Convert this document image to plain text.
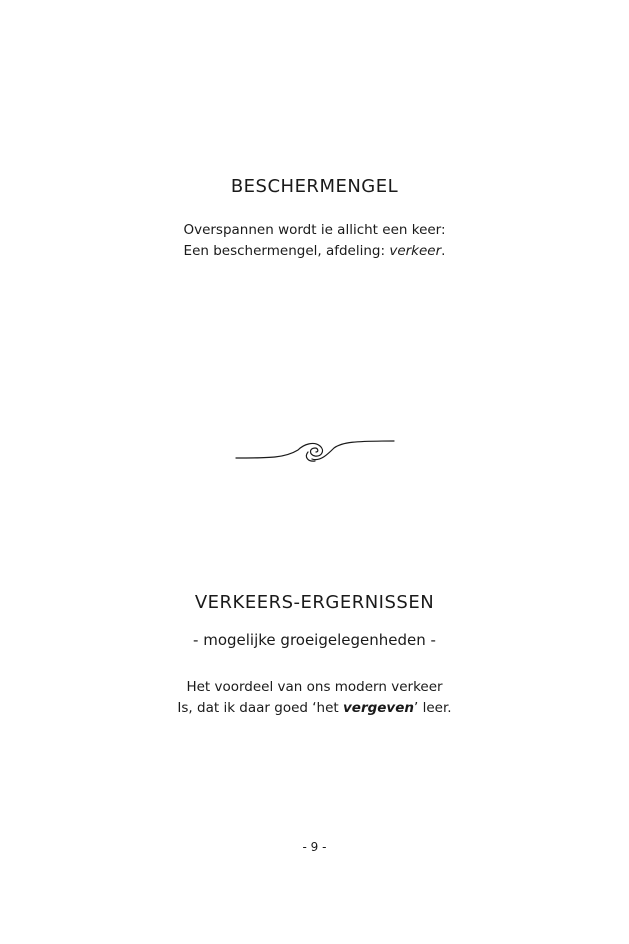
BESCHERMENGEL

Overspannen wordt ie allicht een keer:

Een beschermengel, afdeling: verkeer.

VERKEERS-ERGERNISSEN

- mogelijke groeigelegenheden -

Het voordeel van ons modern verkeer

Is, dat ik daar goed ‘het vergeven’ leer.

- 9 -
